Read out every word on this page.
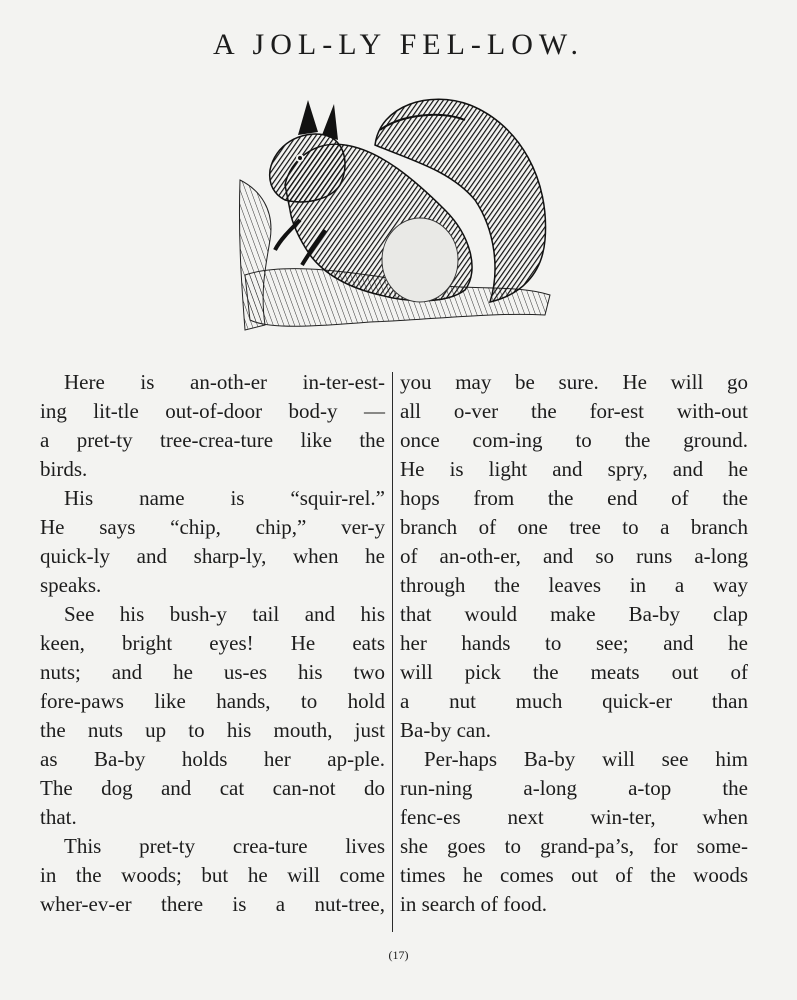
A JOL-LY FEL-LOW.
Here is an-oth-er in-ter-est-
ing lit-tle out-of-door bod-y —
a pret-ty tree-crea-ture like the
birds.
His name is “squir-rel.”
He says “chip, chip,” ver-y
quick-ly and sharp-ly, when he
speaks.
See his bush-y tail and his
keen, bright eyes! He eats
nuts; and he us-es his two
fore-paws like hands, to hold
the nuts up to his mouth, just
as Ba-by holds her ap-ple.
The dog and cat can-not do
that.
This pret-ty crea-ture lives
in the woods; but he will come
wher-ev-er there is a nut-tree,
you may be sure. He will go
all o-ver the for-est with-out
once com-ing to the ground.
He is light and spry, and he
hops from the end of the
branch of one tree to a branch
of an-oth-er, and so runs a-long
through the leaves in a way
that would make Ba-by clap
her hands to see; and he
will pick the meats out of
a nut much quick-er than
Ba-by can.
Per-haps Ba-by will see him
run-ning a-long a-top the
fenc-es next win-ter, when
she goes to grand-pa’s, for some-
times he comes out of the woods
in search of food.
(17)
